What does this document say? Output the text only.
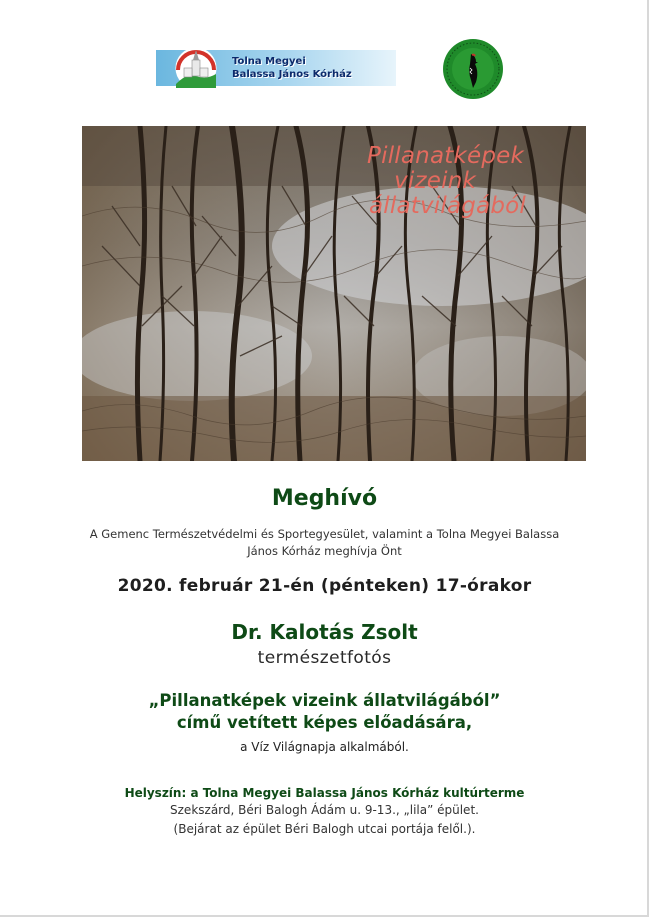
Tolna Megyei
Balassa János Kórház
Pillanatképek
vizeink
állatvilágából
Meghívó
A Gemenc Természetvédelmi és Sportegyesület, valamint a Tolna Megyei Balassa
János Kórház meghívja Önt
2020. február 21-én (pénteken) 17-órakor
Dr. Kalotás Zsolt
természetfotós
„Pillanatképek vizeink állatvilágából”
című vetített képes előadására,
a Víz Világnapja alkalmából.
Helyszín: a Tolna Megyei Balassa János Kórház kultúrterme
Szekszárd, Béri Balogh Ádám u. 9-13., „lila” épület.
(Bejárat az épület Béri Balogh utcai portája felől.).
